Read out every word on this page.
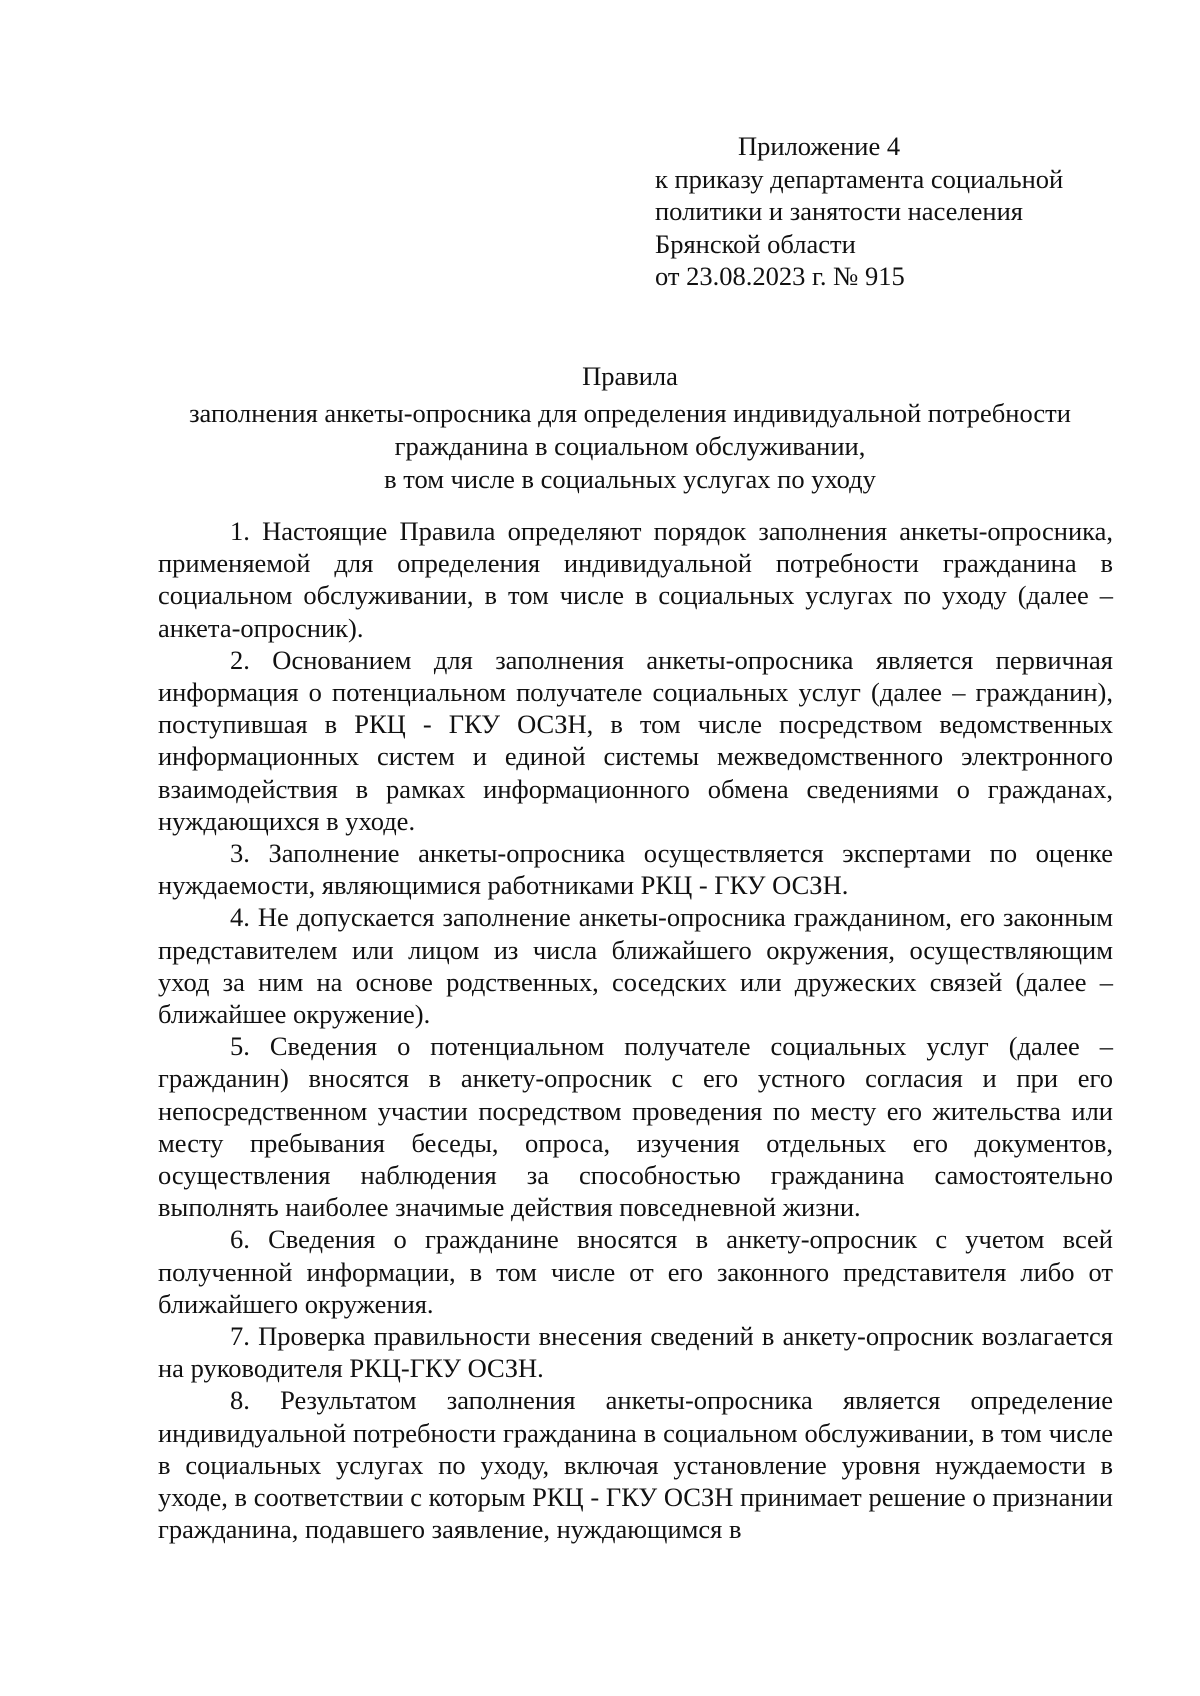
Приложение 4
к приказу департамента социальной
политики и занятости населения
Брянской области
от 23.08.2023 г. № 915
Правила
заполнения анкеты-опросника для определения индивидуальной потребности
гражданина в социальном обслуживании,
в том числе в социальных услугах по уходу

1. Настоящие Правила определяют порядок заполнения анкеты-опросника, применяемой для определения индивидуальной потребности гражданина в социальном обслуживании, в том числе в социальных услугах по уходу (далее – анкета-опросник).

2. Основанием для заполнения анкеты-опросника является первичная информация о потенциальном получателе социальных услуг (далее – гражданин), поступившая в РКЦ - ГКУ ОСЗН, в том числе посредством ведомственных информационных систем и единой системы межведомственного электронного взаимодействия в рамках информационного обмена сведениями о гражданах, нуждающихся в уходе.

3. Заполнение анкеты-опросника осуществляется экспертами по оценке нуждаемости, являющимися работниками РКЦ - ГКУ ОСЗН.

4. Не допускается заполнение анкеты-опросника гражданином, его законным представителем или лицом из числа ближайшего окружения, осуществляющим уход за ним на основе родственных, соседских или дружеских связей (далее – ближайшее окружение).

5. Сведения о потенциальном получателе социальных услуг (далее – гражданин) вносятся в анкету-опросник с его устного согласия и при его непосредственном участии посредством проведения по месту его жительства или месту пребывания беседы, опроса, изучения отдельных его документов, осуществления наблюдения за способностью гражданина самостоятельно выполнять наиболее значимые действия повседневной жизни.

6. Сведения о гражданине вносятся в анкету-опросник с учетом всей полученной информации, в том числе от его законного представителя либо от ближайшего окружения.

7. Проверка правильности внесения сведений в анкету-опросник возлагается на руководителя РКЦ-ГКУ ОСЗН.

8. Результатом заполнения анкеты-опросника является определение индивидуальной потребности гражданина в социальном обслуживании, в том числе в социальных услугах по уходу, включая установление уровня нуждаемости в уходе, в соответствии с которым РКЦ - ГКУ ОСЗН принимает решение о признании гражданина, подавшего заявление, нуждающимся в
